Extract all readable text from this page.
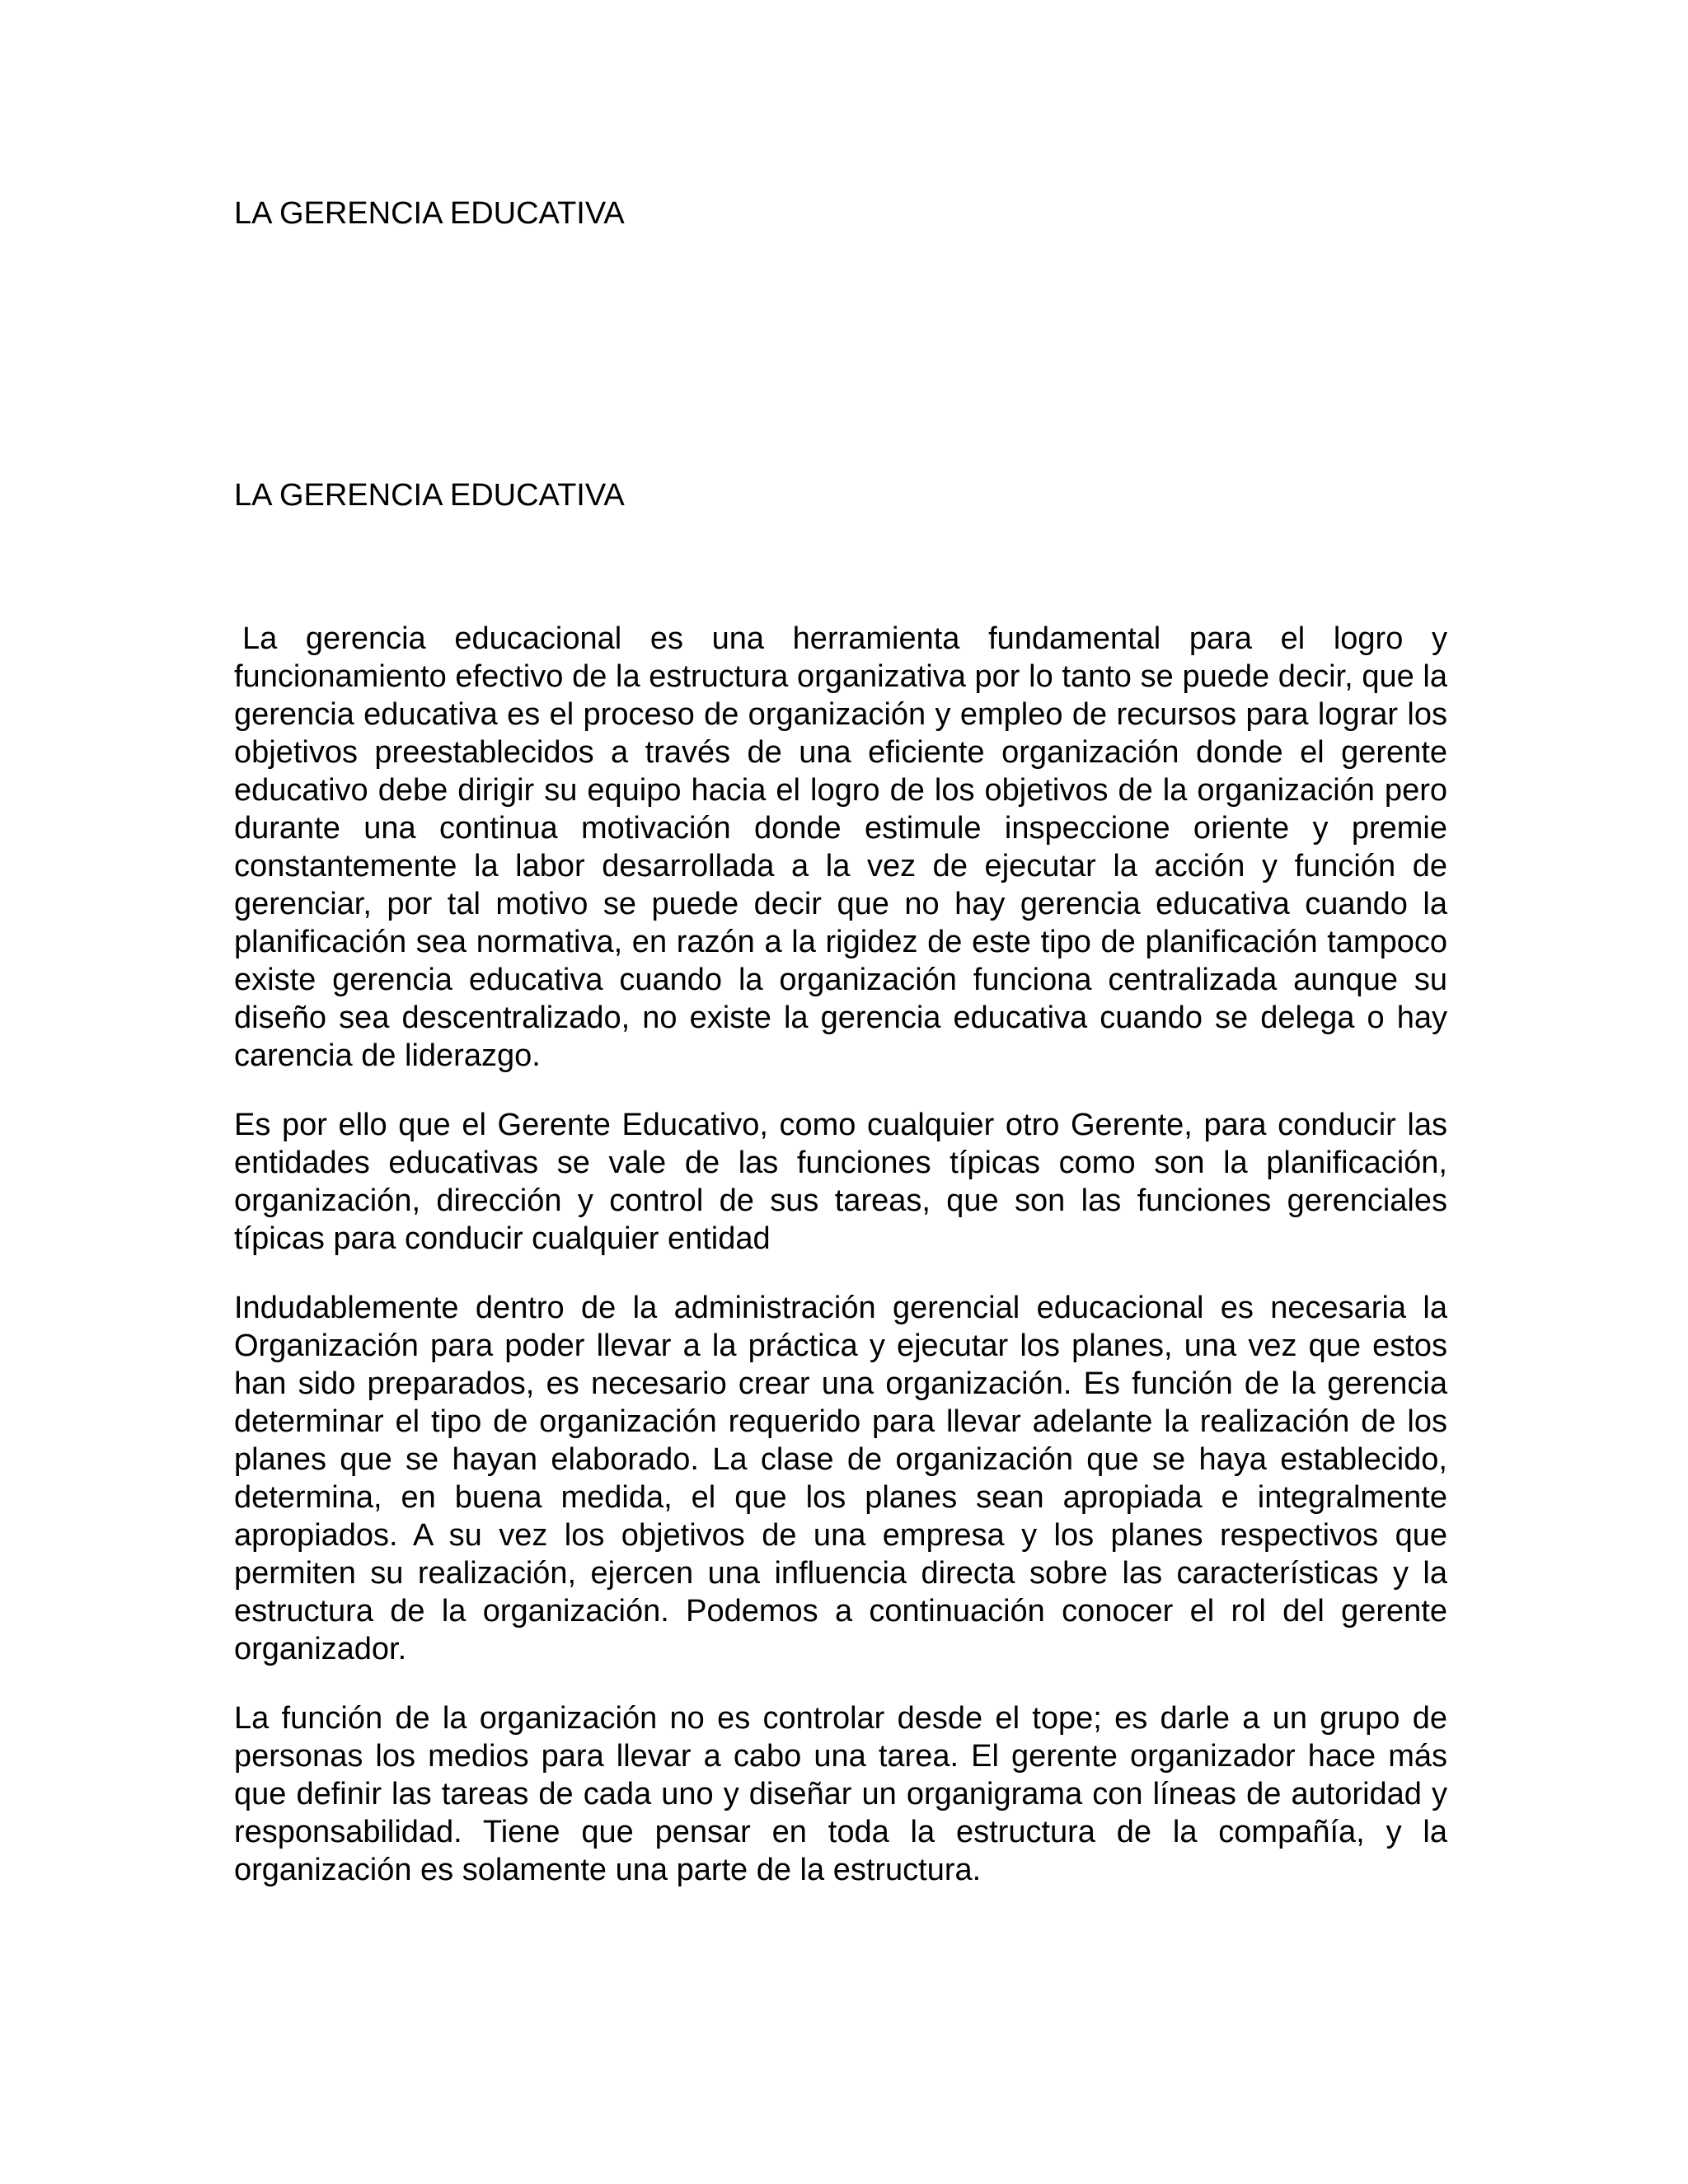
LA GERENCIA EDUCATIVA
LA GERENCIA EDUCATIVA

La gerencia educacional es una herramienta fundamental para el logro y funcionamiento efectivo de la estructura organizativa por lo tanto se puede decir, que la gerencia educativa es el proceso de organización y empleo de recursos para lograr los objetivos preestablecidos a través de una eficiente organización donde el gerente educativo debe dirigir su equipo hacia el logro de los objetivos de la organización pero durante una continua motivación donde estimule inspeccione oriente y premie constantemente la labor desarrollada a la vez de ejecutar la acción y función de gerenciar, por tal motivo se puede decir que no hay gerencia educativa cuando la planificación sea normativa, en razón a la rigidez de este tipo de planificación tampoco existe gerencia educativa cuando la organización funciona centralizada aunque su diseño sea descentralizado, no existe la gerencia educativa cuando se delega o hay carencia de liderazgo.

Es por ello que el Gerente Educativo, como cualquier otro Gerente, para conducir las entidades educativas se vale de las funciones típicas como son la planificación, organización, dirección y control de sus tareas, que son las funciones gerenciales típicas para conducir cualquier entidad

Indudablemente dentro de la administración gerencial educacional es necesaria la Organización para poder llevar a la práctica y ejecutar los planes, una vez que estos han sido preparados, es necesario crear una organización. Es función de la gerencia determinar el tipo de organización requerido para llevar adelante la realización de los planes que se hayan elaborado. La clase de organización que se haya establecido, determina, en buena medida, el que los planes sean apropiada e integralmente apropiados. A su vez los objetivos de una empresa y los planes respectivos que permiten su realización, ejercen una influencia directa sobre las características y la estructura de la organización. Podemos a continuación conocer el rol del gerente organizador.

La función de la organización no es controlar desde el tope; es darle a un grupo de personas los medios para llevar a cabo una tarea. El gerente organizador hace más que definir las tareas de cada uno y diseñar un organigrama con líneas de autoridad y responsabilidad. Tiene que pensar en toda la estructura de la compañía, y la organización es solamente una parte de la estructura.
